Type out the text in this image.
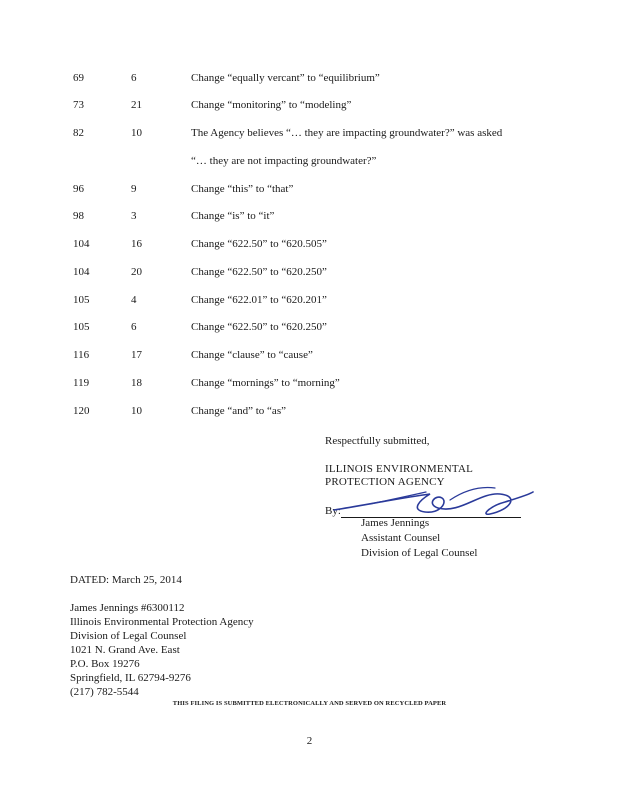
69	6	Change “equally vercant” to “equilibrium”
73	21	Change “monitoring” to “modeling”
82	10	The Agency believes “… they are impacting groundwater?” was asked
“… they are not impacting groundwater?”
96	9	Change “this” to “that”
98	3	Change “is” to “it”
104	16	Change “622.50” to “620.505”
104	20	Change “622.50” to “620.250”
105	4	Change “622.01” to “620.201”
105	6	Change “622.50” to “620.250”
116	17	Change “clause” to “cause”
119	18	Change “mornings” to “morning”
120	10	Change “and” to “as”
Respectfully submitted,
ILLINOIS ENVIRONMENTAL
PROTECTION AGENCY
By:
James Jennings
Assistant Counsel
Division of Legal Counsel
DATED: March 25, 2014
James Jennings #6300112
Illinois Environmental Protection Agency
Division of Legal Counsel
1021 N. Grand Ave. East
P.O. Box 19276
Springfield, IL 62794-9276
(217) 782-5544
THIS FILING IS SUBMITTED ELECTRONICALLY AND SERVED ON RECYCLED PAPER
2
